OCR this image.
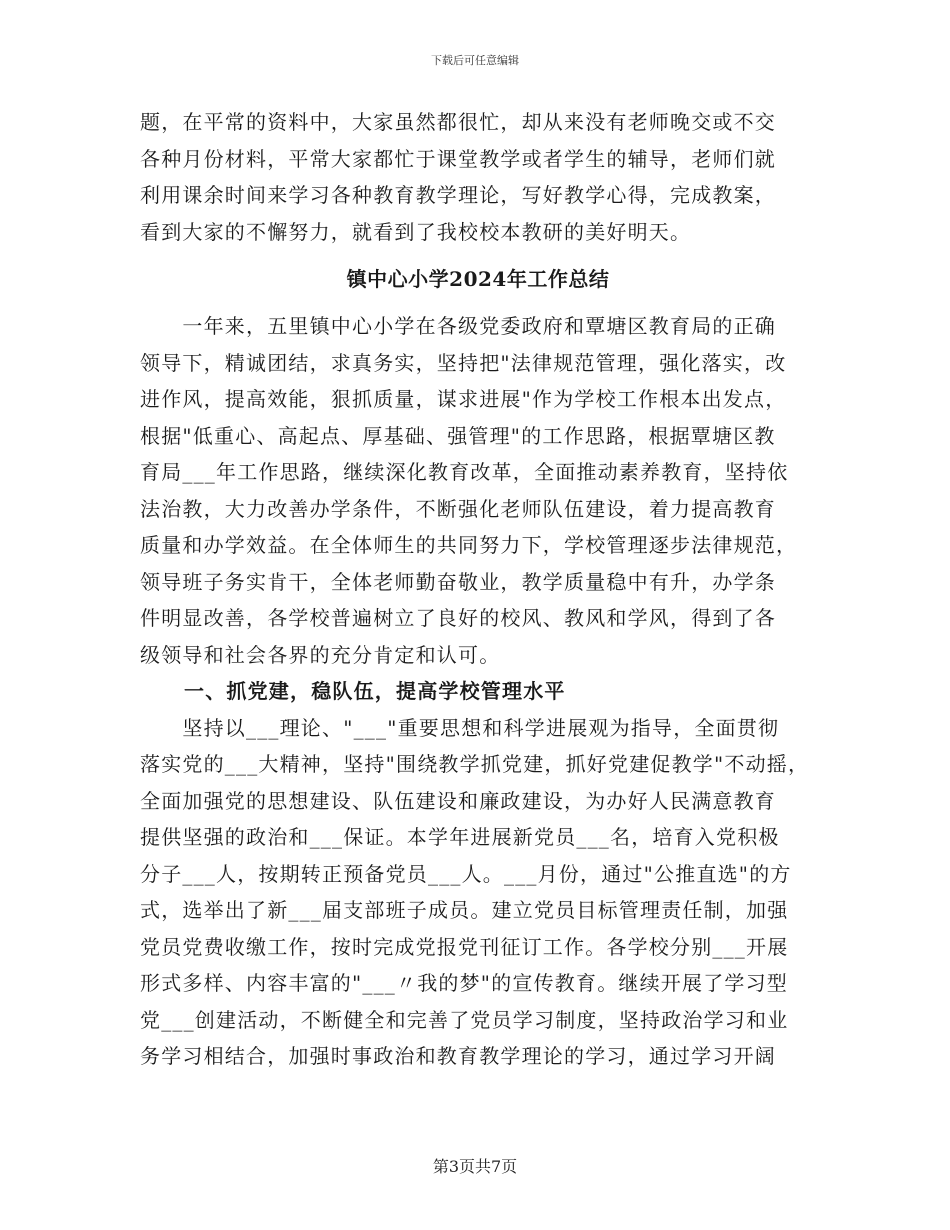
下载后可任意编辑
题，在平常的资料中，大家虽然都很忙，却从来没有老师晚交或不交
各种月份材料，平常大家都忙于课堂教学或者学生的辅导，老师们就
利用课余时间来学习各种教育教学理论，写好教学心得，完成教案，
看到大家的不懈努力，就看到了我校校本教研的美好明天。
镇中心小学2024年工作总结
　　一年来，五里镇中心小学在各级党委政府和覃塘区教育局的正确
领导下，精诚团结，求真务实，坚持把"法律规范管理，强化落实，改
进作风，提高效能，狠抓质量，谋求进展"作为学校工作根本出发点，
根据"低重心、高起点、厚基础、强管理"的工作思路，根据覃塘区教
育局___年工作思路，继续深化教育改革，全面推动素养教育，坚持依
法治教，大力改善办学条件，不断强化老师队伍建设，着力提高教育
质量和办学效益。在全体师生的共同努力下，学校管理逐步法律规范，
领导班子务实肯干，全体老师勤奋敬业，教学质量稳中有升，办学条
件明显改善，各学校普遍树立了良好的校风、教风和学风，得到了各
级领导和社会各界的充分肯定和认可。
一、抓党建，稳队伍，提高学校管理水平
　　坚持以___理论、"___"重要思想和科学进展观为指导，全面贯彻
落实党的___大精神，坚持"围绕教学抓党建，抓好党建促教学"不动摇，
全面加强党的思想建设、队伍建设和廉政建设，为办好人民满意教育
提供坚强的政治和___保证。本学年进展新党员___名，培育入党积极
分子___人，按期转正预备党员___人。___月份，通过"公推直选"的方
式，选举出了新___届支部班子成员。建立党员目标管理责任制，加强
党员党费收缴工作，按时完成党报党刊征订工作。各学校分别___开展
形式多样、内容丰富的"___〃我的梦"的宣传教育。继续开展了学习型
党___创建活动，不断健全和完善了党员学习制度，坚持政治学习和业
务学习相结合，加强时事政治和教育教学理论的学习，通过学习开阔
第3页共7页
